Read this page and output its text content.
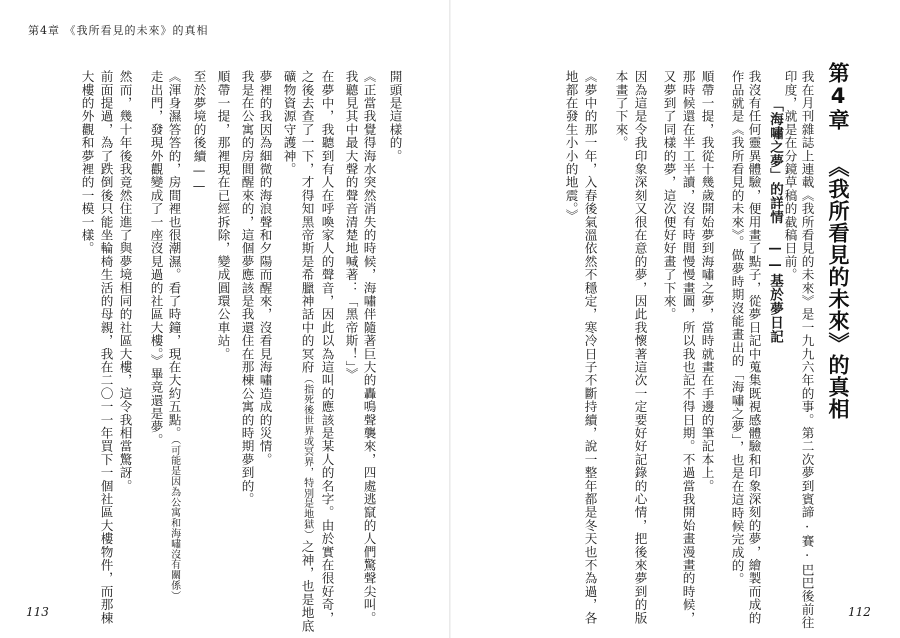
第4章 《我所看見的未來》的真相
第4章 《我所看見的未來》的真相
「海嘯之夢」的詳情 ——基於夢日記 我在月刊雜誌上連載《我所看見的未來》是一九九六年的事。第二次夢到賓諦·賽·巴巴後前往
印度，就是在分鏡草稿的截稿日前。
我沒有任何靈異體驗，便用畫了點子，從夢日記中蒐集既視感體驗和印象深刻的夢，繪製而成的
作品就是《我所看見的未來》。做夢時期沒能畫出的「海嘯之夢」，也是在這時候完成的。
順帶一提，我從十幾歲開始夢到海嘯之夢，當時就畫在手邊的筆記本上。
那時候還在半工半讀，沒有時間慢慢畫圖，所以我也記不得日期。不過當我開始畫漫畫的時候，
又夢到了同樣的夢，這次便好好畫了下來。
因為這是令我印象深刻又很在意的夢，因此我懷著這次一定要好好記錄的心情，把後來夢到的版
本畫了下來。
《夢中的那一年，入春後氣溫依然不穩定，寒冷日子不斷持續，說一整年都是冬天也不為過，各
地都在發生小小的地震。》
112
開頭是這樣的。
《正當我覺得海水突然消失的時候，海嘯伴隨著巨大的轟鳴聲襲來，四處逃竄的人們驚聲尖叫。
我聽見其中最大聲的聲音清楚地喊著：「黑帝斯！」》
在夢中，我聽到有人在呼喚家人的聲音，因此以為這叫的應該是某人的名字。由於實在很好奇，
之後去查了一下，才得知黑帝斯是希臘神話中的冥府（指死後世界或冥界，特別是地獄）之神，也是地底
礦物資源守護神。
夢裡的我因為細微的海浪聲和夕陽而醒來，沒看見海嘯造成的災情。
我是在公寓的房間醒來的，這個夢應該是我還住在那棟公寓的時期夢到的。
順帶一提，那裡現在已經拆除，變成圓環公車站。
至於夢境的後續——
《渾身濕答答的，房間裡也很潮濕。看了時鐘，現在大約五點。（可能是因為公寓和海嘯沒有關係）
走出門，發現外觀變成了一座沒見過的社區大樓。》畢竟還是夢。
然而，幾十年後我竟然住進了與夢境相同的社區大樓，這令我相當驚訝。
前面提過，為了跌倒後只能坐輪椅生活的母親，我在二〇一一年買下一個社區大樓物件，而那棟
大樓的外觀和夢裡的一模一樣。
113
